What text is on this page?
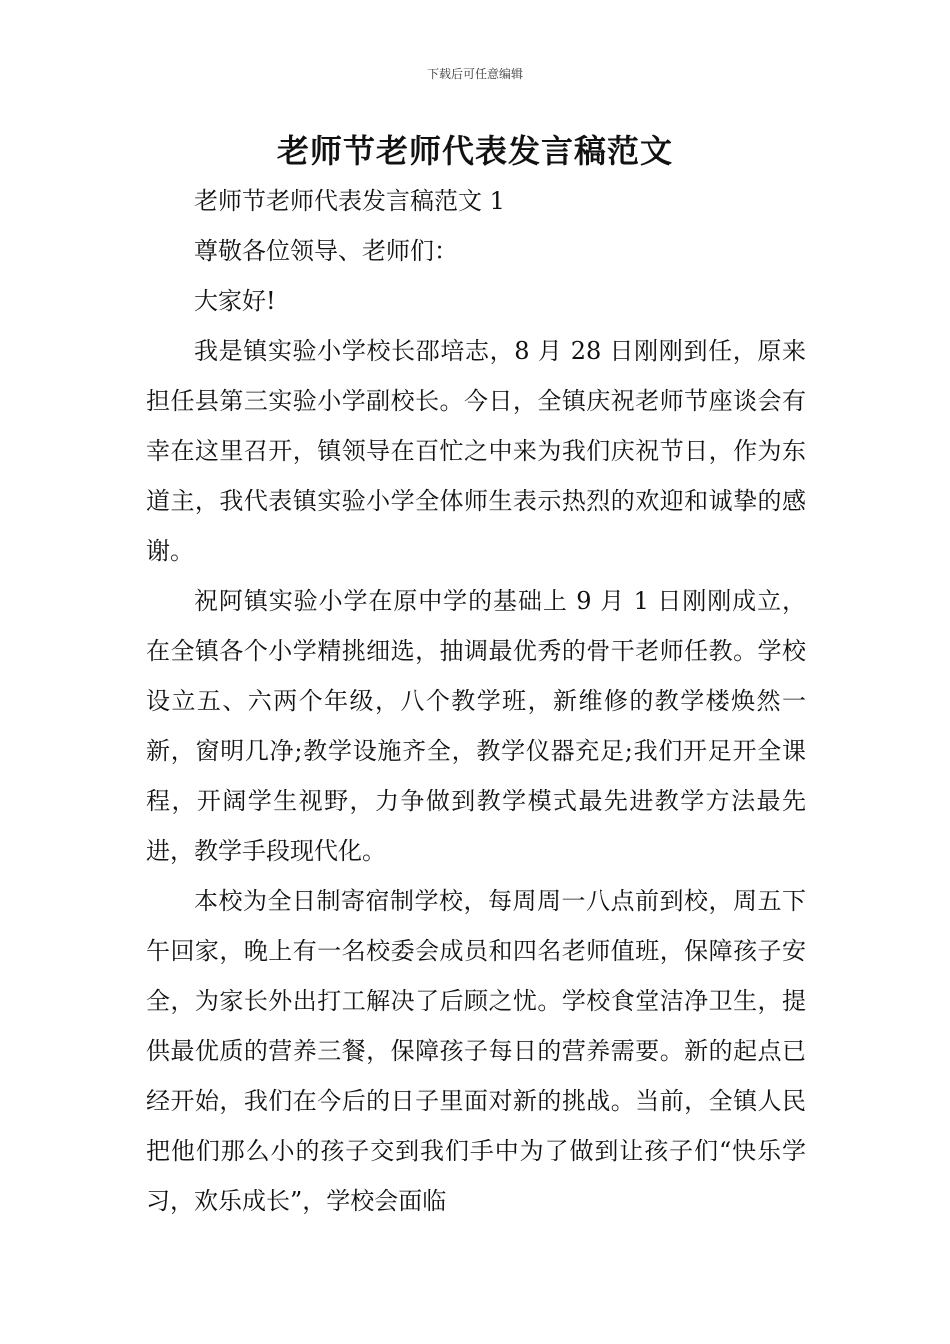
下载后可任意编辑
老师节老师代表发言稿范文

老师节老师代表发言稿范文 1

尊敬各位领导、老师们：

大家好!

我是镇实验小学校长邵培志，8 月 28 日刚刚到任，原来担任县第三实验小学副校长。今日，全镇庆祝老师节座谈会有幸在这里召开，镇领导在百忙之中来为我们庆祝节日，作为东道主，我代表镇实验小学全体师生表示热烈的欢迎和诚挚的感谢。

祝阿镇实验小学在原中学的基础上 9 月 1 日刚刚成立，在全镇各个小学精挑细选，抽调最优秀的骨干老师任教。学校设立五、六两个年级，八个教学班，新维修的教学楼焕然一新，窗明几净;教学设施齐全，教学仪器充足;我们开足开全课程，开阔学生视野，力争做到教学模式最先进教学方法最先进，教学手段现代化。

本校为全日制寄宿制学校，每周周一八点前到校，周五下午回家，晚上有一名校委会成员和四名老师值班，保障孩子安全，为家长外出打工解决了后顾之忧。学校食堂洁净卫生，提供最优质的营养三餐，保障孩子每日的营养需要。新的起点已经开始，我们在今后的日子里面对新的挑战。当前，全镇人民把他们那么小的孩子交到我们手中为了做到让孩子们“快乐学习，欢乐成长”，学校会面临
